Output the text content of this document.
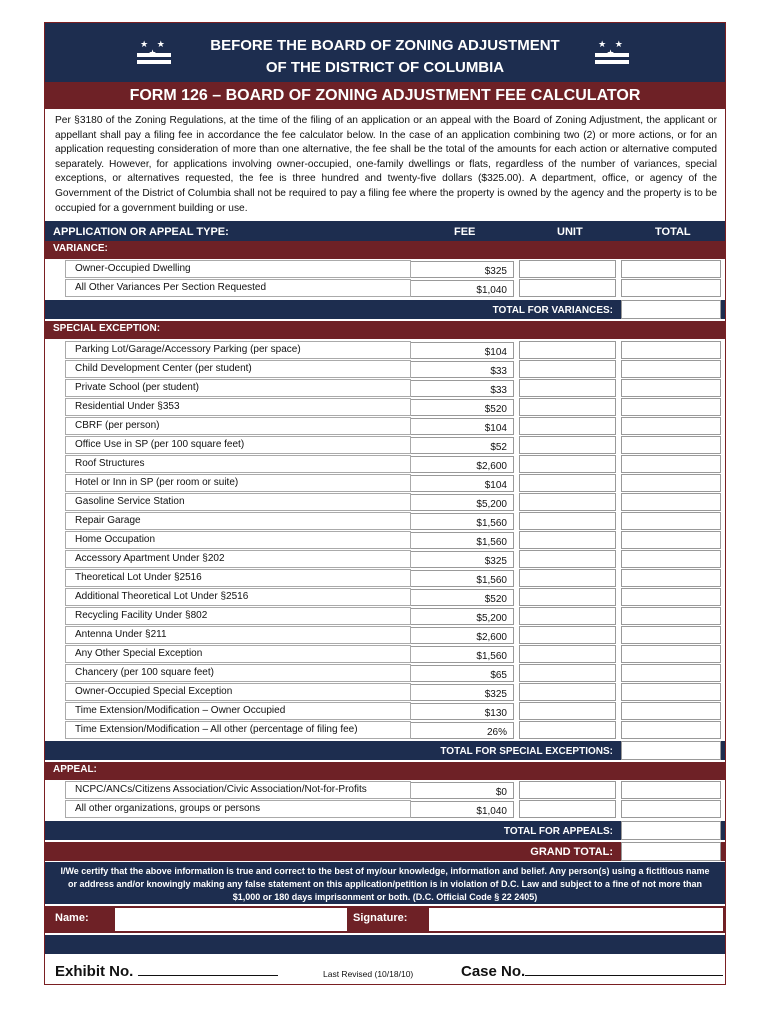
★ ★ ★	BEFORE THE BOARD OF ZONING ADJUSTMENT
OF THE DISTRICT OF COLUMBIA
★ ★ ★
FORM 126 – BOARD OF ZONING ADJUSTMENT FEE CALCULATOR
Per §3180 of the Zoning Regulations, at the time of the filing of an application or an appeal with the Board of Zoning Adjustment, the applicant or appellant shall pay a filing fee in accordance the fee calculator below. In the case of an application combining two (2) or more actions, or for an application requesting consideration of more than one alternative, the fee shall be the total of the amounts for each action or alternative computed separately. However, for applications involving owner-occupied, one-family dwellings or flats, regardless of the number of variances, special exceptions, or alternatives requested, the fee is three hundred and twenty-five dollars ($325.00). A department, office, or agency of the Government of the District of Columbia shall not be required to pay a filing fee where the property is owned by the agency and the property is to be occupied for a government building or use.
APPLICATION OR APPEAL TYPE:	FEE	UNIT	TOTAL
VARIANCE:
Owner-Occupied Dwelling	$325
All Other Variances Per Section Requested	$1,040
TOTAL FOR VARIANCES:
SPECIAL EXCEPTION:
Parking Lot/Garage/Accessory Parking (per space)	$104
Child Development Center (per student)	$33
Private School (per student)	$33
Residential Under §353	$520
CBRF (per person)	$104
Office Use in SP (per 100 square feet)	$52
Roof Structures	$2,600
Hotel or Inn in SP (per room or suite)	$104
Gasoline Service Station	$5,200
Repair Garage	$1,560
Home Occupation	$1,560
Accessory Apartment Under §202	$325
Theoretical Lot Under §2516	$1,560
Additional Theoretical Lot Under §2516	$520
Recycling Facility Under §802	$5,200
Antenna Under §211	$2,600
Any Other Special Exception	$1,560
Chancery (per 100 square feet)	$65
Owner-Occupied Special Exception	$325
Time Extension/Modification – Owner Occupied	$130
Time Extension/Modification – All other (percentage of filing fee)	26%
TOTAL FOR SPECIAL EXCEPTIONS:
APPEAL:
NCPC/ANCs/Citizens Association/Civic Association/Not-for-Profits	$0
All other organizations, groups or persons	$1,040
TOTAL FOR APPEALS:
GRAND TOTAL:
I/We certify that the above information is true and correct to the best of my/our knowledge, information and belief. Any person(s) using a fictitious name or address and/or knowingly making any false statement on this application/petition is in violation of D.C. Law and subject to a fine of not more than $1,000 or 180 days imprisonment or both. (D.C. Official Code § 22 2405)
Name:	Signature:
Exhibit No.	Last Revised (10/18/10)	Case No.
